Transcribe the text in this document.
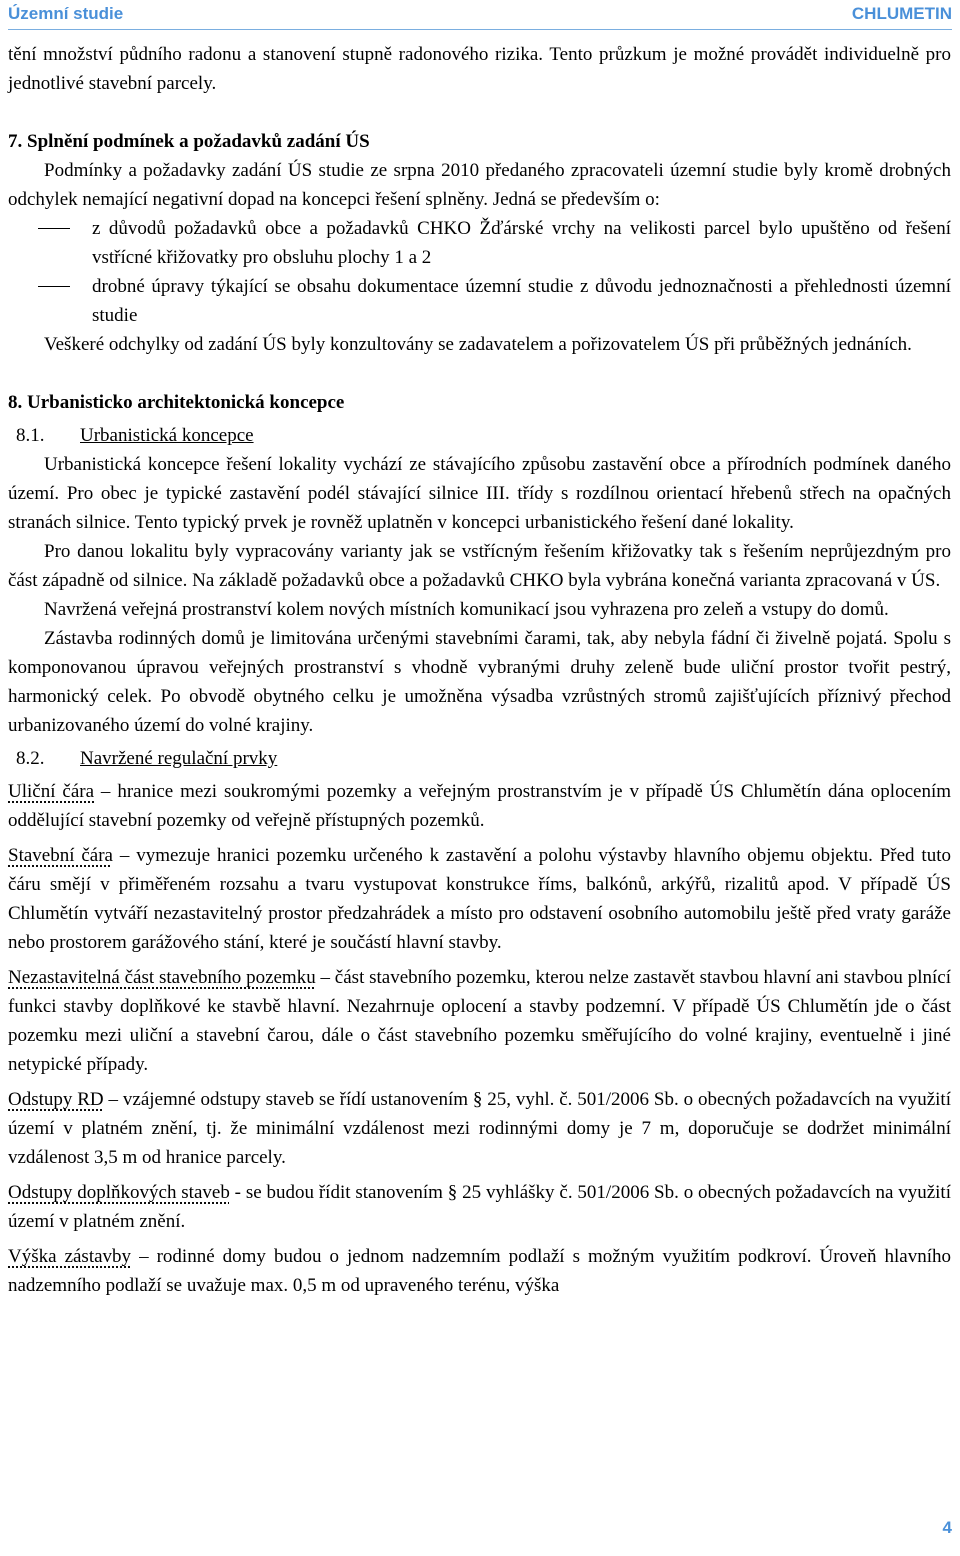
Územní studie	CHLUMETIN

tění množství půdního radonu a stanovení stupně radonového rizika. Tento průzkum je možné provádět individuelně pro jednotlivé stavební parcely.

7. Splnění podmínek a požadavků zadání ÚS

Podmínky a požadavky zadání ÚS studie ze srpna 2010 předaného zpracovateli územní studie byly kromě drobných odchylek nemající negativní dopad na koncepci řešení splněny. Jedná se především o:

z důvodů požadavků obce a požadavků CHKO Žďárské vrchy na velikosti parcel bylo upuštěno od řešení vstřícné křižovatky pro obsluhu plochy 1 a 2

drobné úpravy týkající se obsahu dokumentace územní studie z důvodu jednoznačnosti a přehlednosti územní studie

Veškeré odchylky od zadání ÚS byly konzultovány se zadavatelem a pořizovatelem ÚS při průběžných jednáních.

8. Urbanisticko architektonická koncepce

8.1. Urbanistická koncepce

Urbanistická koncepce řešení lokality vychází ze stávajícího způsobu zastavění obce a přírodních podmínek daného území. Pro obec je typické zastavění podél stávající silnice III. třídy s rozdílnou orientací hřebenů střech na opačných stranách silnice. Tento typický prvek je rovněž uplatněn v koncepci urbanistického řešení dané lokality.

Pro danou lokalitu byly vypracovány varianty jak se vstřícným řešením křižovatky tak s řešením neprůjezdným pro část západně od silnice. Na základě požadavků obce a požadavků CHKO byla vybrána konečná varianta zpracovaná v ÚS.

Navržená veřejná prostranství kolem nových místních komunikací jsou vyhrazena pro zeleň a vstupy do domů.

Zástavba rodinných domů je limitována určenými stavebními čarami, tak, aby nebyla fádní či živelně pojatá. Spolu s komponovanou úpravou veřejných prostranství s vhodně vybranými druhy zeleně bude uliční prostor tvořit pestrý, harmonický celek. Po obvodě obytného celku je umožněna výsadba vzrůstných stromů zajišťujících příznivý přechod urbanizovaného území do volné krajiny.

8.2. Navržené regulační prvky

Uliční čára – hranice mezi soukromými pozemky a veřejným prostranstvím je v případě ÚS Chlumětín dána oplocením oddělující stavební pozemky od veřejně přístupných pozemků.

Stavební čára – vymezuje hranici pozemku určeného k zastavění a polohu výstavby hlavního objemu objektu. Před tuto čáru smějí v přiměřeném rozsahu a tvaru vystupovat konstrukce říms, balkónů, arkýřů, rizalitů apod. V případě ÚS Chlumětín vytváří nezastavitelný prostor předzahrádek a místo pro odstavení osobního automobilu ještě před vraty garáže nebo prostorem garážového stání, které je součástí hlavní stavby.

Nezastavitelná část stavebního pozemku – část stavebního pozemku, kterou nelze zastavět stavbou hlavní ani stavbou plnící funkci stavby doplňkové ke stavbě hlavní. Nezahrnuje oplocení a stavby podzemní. V případě ÚS Chlumětín jde o část pozemku mezi uliční a stavební čarou, dále o část stavebního pozemku směřujícího do volné krajiny, eventuelně i jiné netypické případy.

Odstupy RD – vzájemné odstupy staveb se řídí ustanovením § 25, vyhl. č. 501/2006 Sb. o obecných požadavcích na využití území v platném znění, tj. že minimální vzdálenost mezi rodinnými domy je 7 m, doporučuje se dodržet minimální vzdálenost 3,5 m od hranice parcely.

Odstupy doplňkových staveb - se budou řídit stanovením § 25 vyhlášky č. 501/2006 Sb. o obecných požadavcích na využití území v platném znění.

Výška zástavby – rodinné domy budou o jednom nadzemním podlaží s možným využitím podkroví. Úroveň hlavního nadzemního podlaží se uvažuje max. 0,5 m od upraveného terénu, výška

4
